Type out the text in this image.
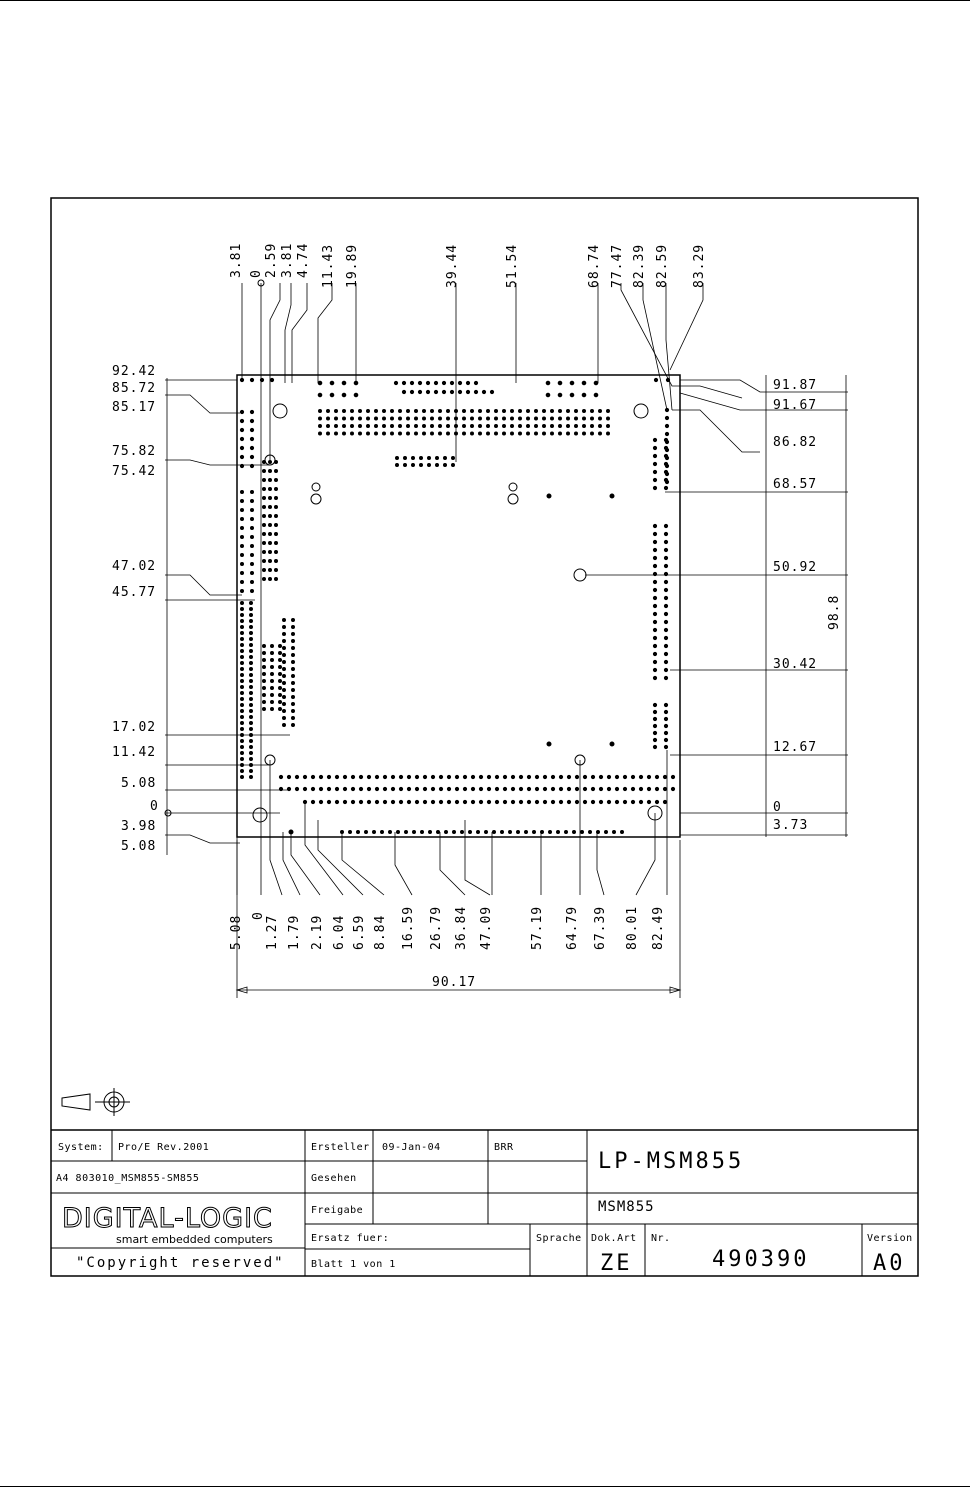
3.81 0 2.59 3.81 4.74 11.43 19.89	39.44	51.54	68.74 77.47 82.39 82.59 83.29
92.42
85.72
85.17
75.82
75.42
47.02
45.77
17.02
11.42
5.08
0
3.98
5.08
91.87
91.67
86.82
68.57
50.92
30.42
12.67
0
3.73
98.8
5.08 0 1.27 1.79 2.19 6.04 6.59 8.84 16.59 26.79 36.84 47.09	57.19 64.79 67.39 80.01 82.49
90.17
System: Pro/E Rev.2001
A4 803010_MSM855-SM855
Ersteller 09-Jan-04	BRR
Gesehen
Freigabe
LP-MSM855
MSM855
DIGITAL-LOGIC
smart embedded computers
"Copyright reserved"
Ersatz fuer:
Blatt 1 von 1
Sprache Dok.Art
ZE
Nr.
490390
Version
A0
